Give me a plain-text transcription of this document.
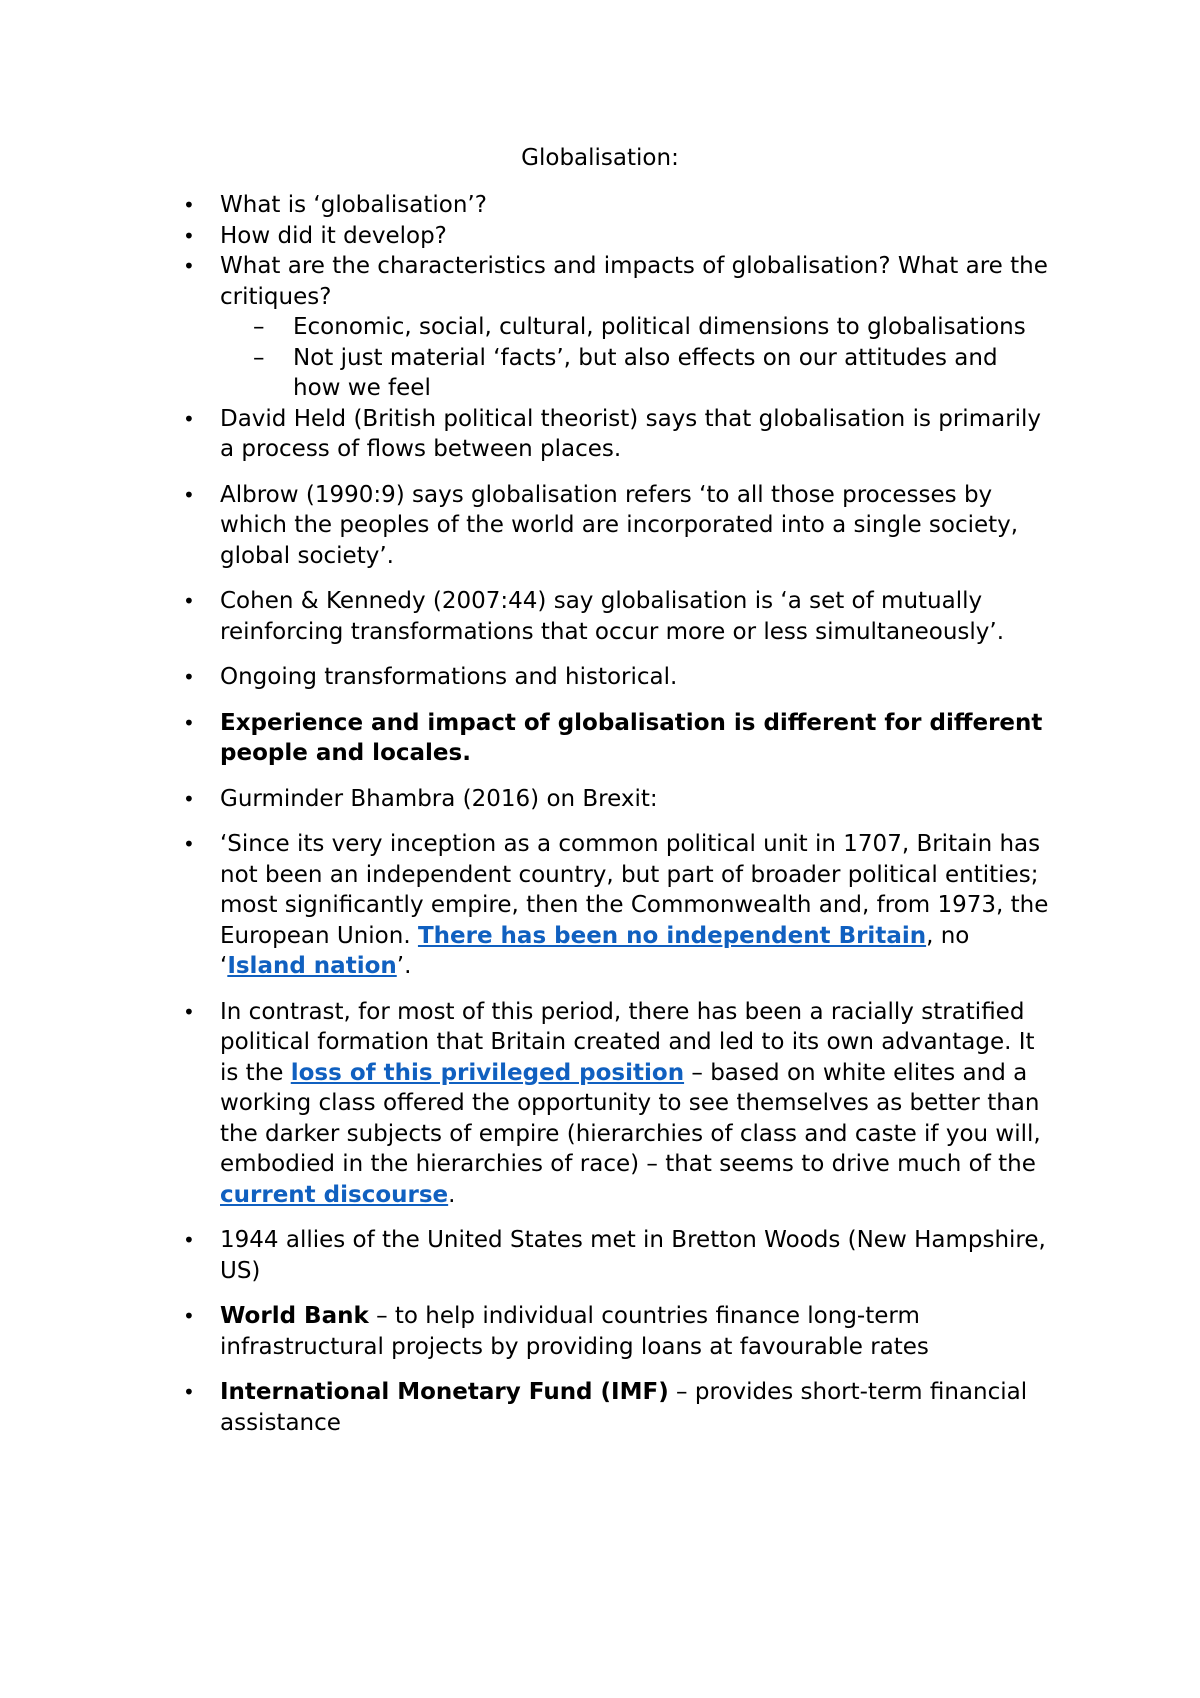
Globalisation:
• What is ‘globalisation’?
• How did it develop?
• What are the characteristics and impacts of globalisation? What are the critiques?
– Economic, social, cultural, political dimensions to globalisations
– Not just material ‘facts’, but also effects on our attitudes and how we feel
• David Held (British political theorist) says that globalisation is primarily a process of flows between places.
• Albrow (1990:9) says globalisation refers ‘to all those processes by which the peoples of the world are incorporated into a single society, global society’.
• Cohen & Kennedy (2007:44) say globalisation is ‘a set of mutually reinforcing transformations that occur more or less simultaneously’.
• Ongoing transformations and historical.
• Experience and impact of globalisation is different for different people and locales.
• Gurminder Bhambra (2016) on Brexit:
• ‘Since its very inception as a common political unit in 1707, Britain has not been an independent country, but part of broader political entities; most significantly empire, then the Commonwealth and, from 1973, the European Union. There has been no independent Britain, no ‘Island nation’.
• In contrast, for most of this period, there has been a racially stratified political formation that Britain created and led to its own advantage. It is the loss of this privileged position – based on white elites and a working class offered the opportunity to see themselves as better than the darker subjects of empire (hierarchies of class and caste if you will, embodied in the hierarchies of race) – that seems to drive much of the current discourse.
• 1944 allies of the United States met in Bretton Woods (New Hampshire, US)
• World Bank – to help individual countries finance long-term infrastructural projects by providing loans at favourable rates
• International Monetary Fund (IMF) – provides short-term financial assistance
